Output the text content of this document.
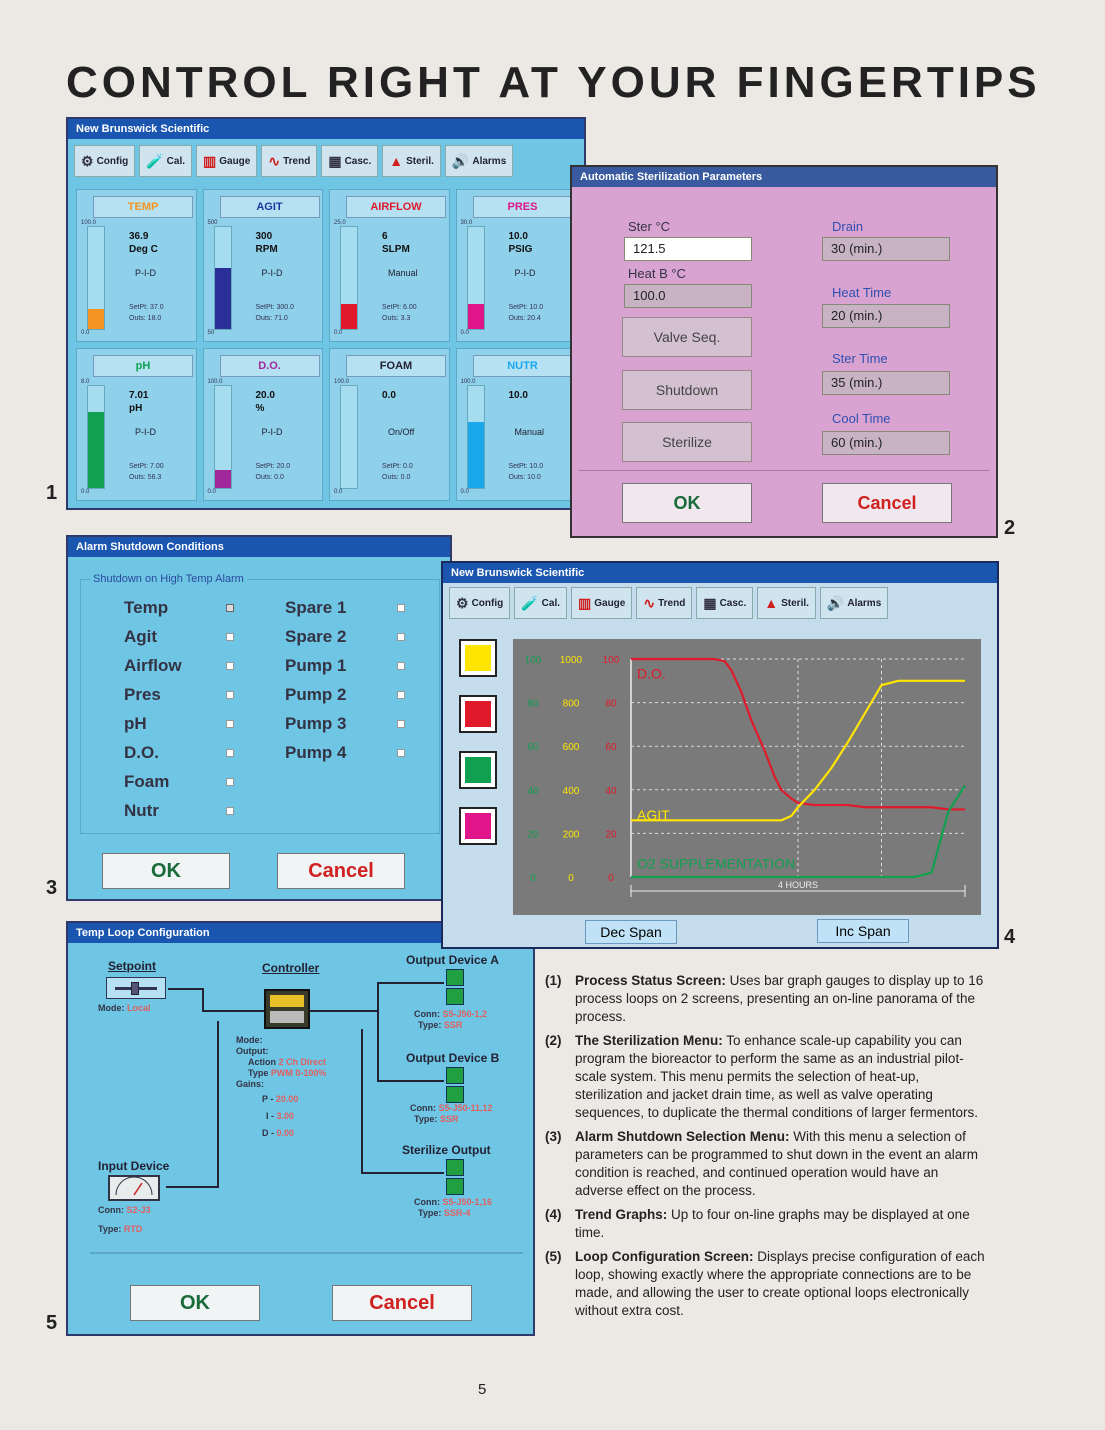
CONTROL RIGHT AT YOUR FINGERTIPS
New Brunswick Scientific
⚙ Config 🧪 Cal. ▥ Gauge ∿ Trend ▦ Casc. ▲ Steril. 🔊 Alarms
TEMP
100.0
0.0
36.9
Deg C
P-I-D
SetPt: 37.0
Outs: 18.0
AGIT
500
50
300
RPM
P-I-D
SetPt: 300.0
Outs: 71.0
AIRFLOW
25.0
0.0
6
SLPM
Manual
SetPt: 6.00
Outs: 3.3
PRES
30.0
0.0
10.0
PSIG
P-I-D
SetPt: 10.0
Outs: 20.4
pH
8.0
0.0
7.01
pH
P-I-D
SetPt: 7.00
Outs: 56.3
D.O.
100.0
0.0
20.0
%
P-I-D
SetPt: 20.0
Outs: 0.0
FOAM
100.0
0.0
0.0
On/Off
SetPt: 0.0
Outs: 0.0
NUTR
100.0
0.0
10.0
Manual
SetPt: 10.0
Outs: 10.0
1
Automatic Sterilization Parameters
Ster °C
121.5
Heat B °C
100.0
Valve Seq.
Shutdown
Sterilize
Drain
30 (min.)
Heat Time
20 (min.)
Ster Time
35 (min.)
Cool Time
60 (min.)
OK	Cancel
2
Alarm Shutdown Conditions
Shutdown on High Temp Alarm
Temp
Agit
Airflow
Pres
pH
D.O.
Foam
Nutr
Spare 1
Spare 2
Pump 1
Pump 2
Pump 3
Pump 4
OK	Cancel
3
Temp Loop Configuration
Setpoint
Mode: Local
Controller
Mode:
Output:
Action 2 Ch Direct
Type PWM 0-100%
Gains:
P - 20.00
I - 3.00
D - 0.00
Output Device A
Conn: S5-J50-1,2
Type: SSR
Output Device B
Conn: S5-J50-11,12
Type: SSR
Sterilize Output
Conn: S5-J50-1,16
Type: SSR-4
Input Device
Conn: S2-J3
Type: RTD
OK	Cancel
5
New Brunswick Scientific
⚙ Config 🧪 Cal. ▥ Gauge ∿ Trend ▦ Casc. ▲ Steril. 🔊 Alarms
100
80
60
40
20
0
1000
800
600
400
200
0
100
80
60
40
20
0
D.O.
AGIT
O2 SUPPLEMENTATION
4 HOURS
Dec Span	Inc Span	4
(1)	Process Status Screen: Uses bar graph gauges to display up to 16 process loops on 2 screens, presenting an on-line panorama of the process.
(2)	The Sterilization Menu: To enhance scale-up capability you can program the bioreactor to perform the same as an industrial pilot-scale system. This menu permits the selection of heat-up, sterilization and jacket drain time, as well as valve operating sequences, to duplicate the thermal conditions of larger fermentors.
(3)	Alarm Shutdown Selection Menu: With this menu a selection of parameters can be programmed to shut down in the event an alarm condition is reached, and continued operation would have an adverse effect on the process.
(4)	Trend Graphs: Up to four on-line graphs may be displayed at one time.
(5)	Loop Configuration Screen: Displays precise configuration of each loop, showing exactly where the appropriate connections are to be made, and allowing the user to create optional loops electronically without extra cost.
5
